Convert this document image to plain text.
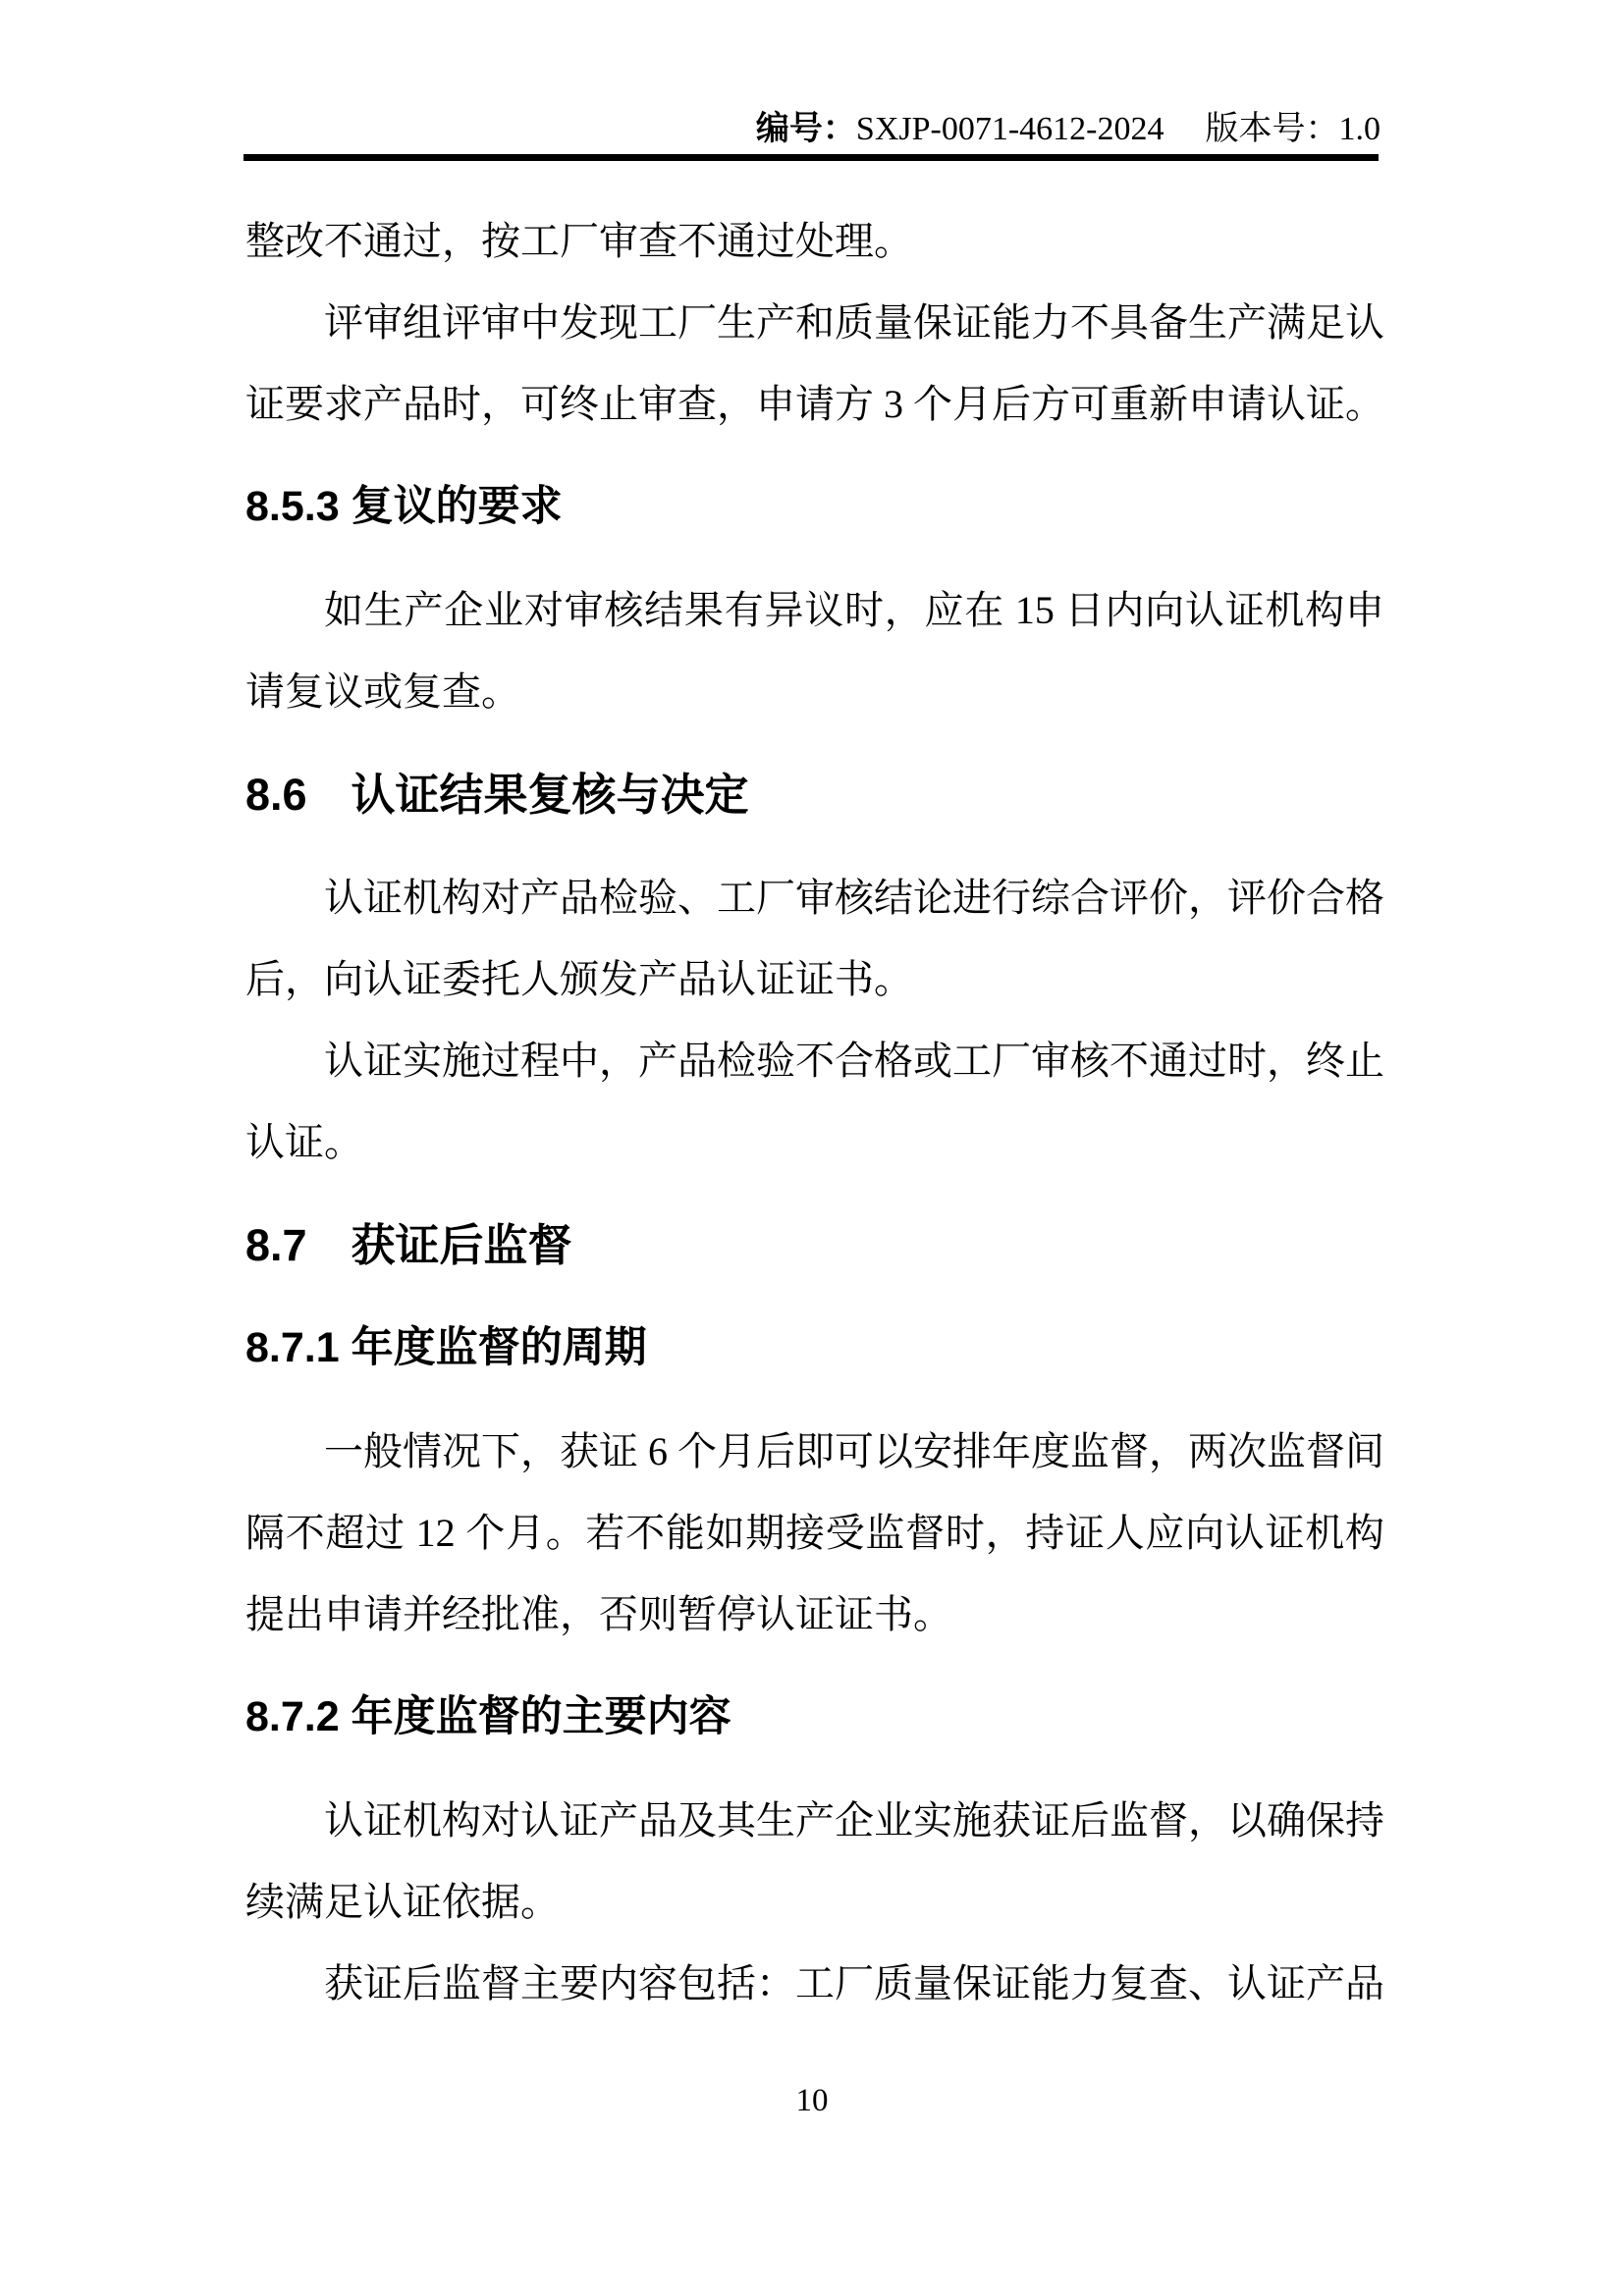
编号：SXJP-0071-4612-2024 版本号：1.0

整改不通过，按工厂审查不通过处理。

评审组评审中发现工厂生产和质量保证能力不具备生产满足认证要求产品时，可终止审查，申请方 3 个月后方可重新申请认证。

8.5.3 复议的要求

如生产企业对审核结果有异议时，应在 15 日内向认证机构申请复议或复查。

8.6　认证结果复核与决定

认证机构对产品检验、工厂审核结论进行综合评价，评价合格后，向认证委托人颁发产品认证证书。

认证实施过程中，产品检验不合格或工厂审核不通过时，终止认证。

8.7　获证后监督
8.7.1 年度监督的周期

一般情况下，获证 6 个月后即可以安排年度监督，两次监督间隔不超过 12 个月。若不能如期接受监督时，持证人应向认证机构提出申请并经批准，否则暂停认证证书。

8.7.2 年度监督的主要内容

认证机构对认证产品及其生产企业实施获证后监督，以确保持续满足认证依据。

获证后监督主要内容包括：工厂质量保证能力复查、认证产品

10
